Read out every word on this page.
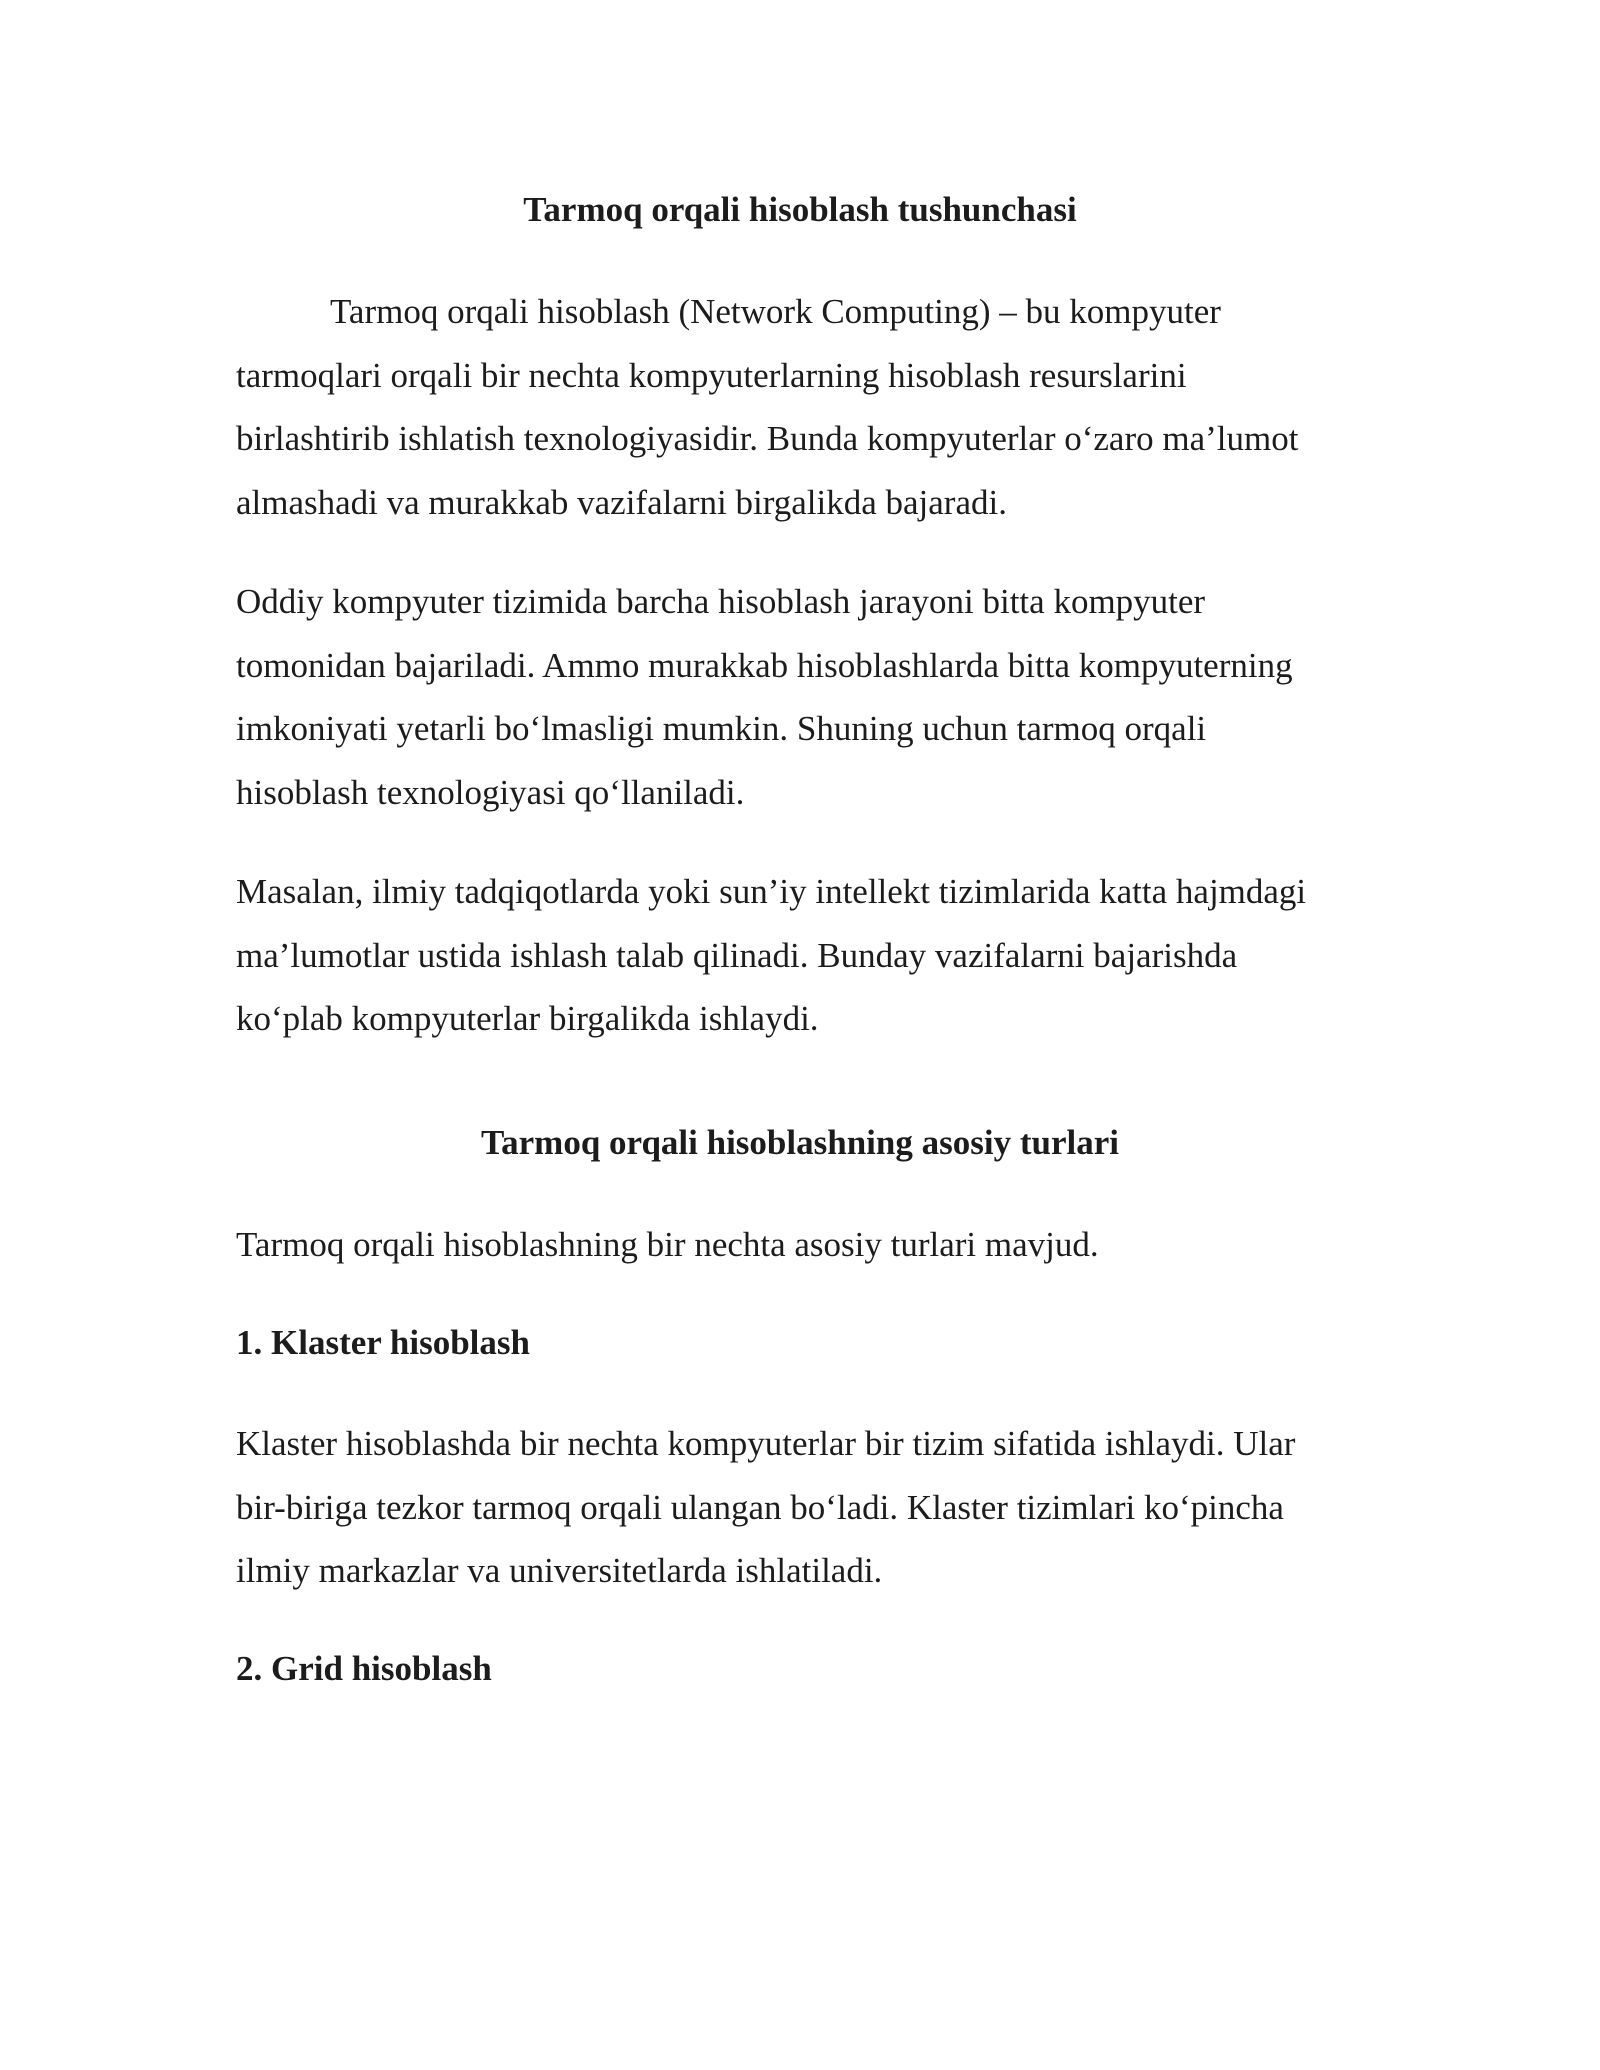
Tarmoq orqali hisoblash tushunchasi
Tarmoq orqali hisoblash (Network Computing) – bu kompyuter
tarmoqlari orqali bir nechta kompyuterlarning hisoblash resurslarini
birlashtirib ishlatish texnologiyasidir. Bunda kompyuterlar o‘zaro ma’lumot
almashadi va murakkab vazifalarni birgalikda bajaradi.
Oddiy kompyuter tizimida barcha hisoblash jarayoni bitta kompyuter
tomonidan bajariladi. Ammo murakkab hisoblashlarda bitta kompyuterning
imkoniyati yetarli bo‘lmasligi mumkin. Shuning uchun tarmoq orqali
hisoblash texnologiyasi qo‘llaniladi.
Masalan, ilmiy tadqiqotlarda yoki sun’iy intellekt tizimlarida katta hajmdagi
ma’lumotlar ustida ishlash talab qilinadi. Bunday vazifalarni bajarishda
ko‘plab kompyuterlar birgalikda ishlaydi.
Tarmoq orqali hisoblashning asosiy turlari
Tarmoq orqali hisoblashning bir nechta asosiy turlari mavjud.
1. Klaster hisoblash
Klaster hisoblashda bir nechta kompyuterlar bir tizim sifatida ishlaydi. Ular
bir-biriga tezkor tarmoq orqali ulangan bo‘ladi. Klaster tizimlari ko‘pincha
ilmiy markazlar va universitetlarda ishlatiladi.
2. Grid hisoblash
